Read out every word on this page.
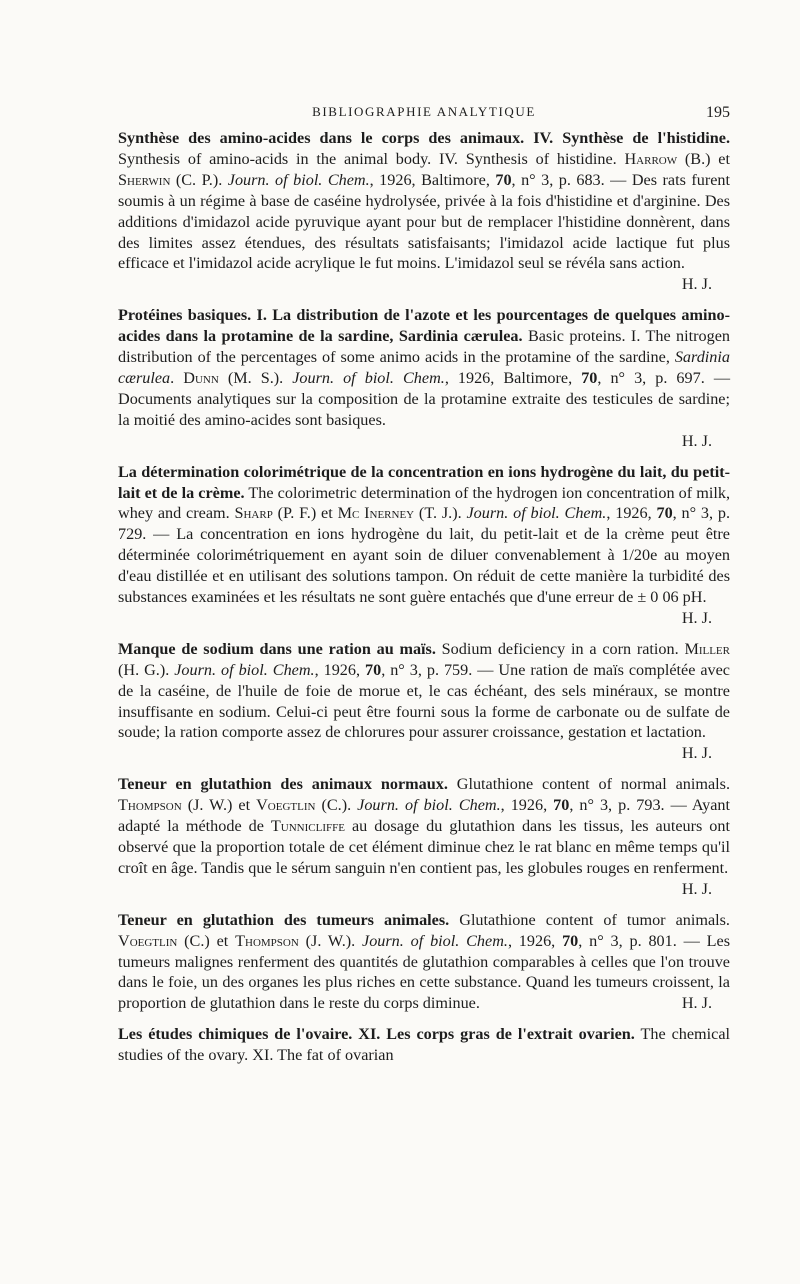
BIBLIOGRAPHIE ANALYTIQUE	195
Synthèse des amino-acides dans le corps des animaux. IV. Synthèse de l'histidine. Synthesis of amino-acids in the animal body. IV. Synthesis of histidine. Harrow (B.) et Sherwin (C. P.). Journ. of biol. Chem., 1926, Baltimore, 70, n° 3, p. 683. — Des rats furent soumis à un régime à base de caséine hydrolysée, privée à la fois d'histidine et d'arginine. Des additions d'imidazol acide pyruvique ayant pour but de remplacer l'histidine donnèrent, dans des limites assez étendues, des résultats satisfaisants; l'imidazol acide lactique fut plus efficace et l'imidazol acide acrylique le fut moins. L'imidazol seul se révéla sans action.
H. J.
Protéines basiques. I. La distribution de l'azote et les pourcentages de quelques amino-acides dans la protamine de la sardine, Sardinia cærulea. Basic proteins. I. The nitrogen distribution of the percentages of some animo acids in the protamine of the sardine, Sardinia cærulea. Dunn (M. S.). Journ. of biol. Chem., 1926, Baltimore, 70, n° 3, p. 697. — Documents analytiques sur la composition de la protamine extraite des testicules de sardine; la moitié des amino-acides sont basiques.
H. J.
La détermination colorimétrique de la concentration en ions hydrogène du lait, du petit-lait et de la crème. The colorimetric determination of the hydrogen ion concentration of milk, whey and cream. Sharp (P. F.) et Mc Inerney (T. J.). Journ. of biol. Chem., 1926, 70, n° 3, p. 729. — La concentration en ions hydrogène du lait, du petit-lait et de la crème peut être déterminée colorimétriquement en ayant soin de diluer convenablement à 1/20e au moyen d'eau distillée et en utilisant des solutions tampon. On réduit de cette manière la turbidité des substances examinées et les résultats ne sont guère entachés que d'une erreur de ± 0 06 pH.
H. J.
Manque de sodium dans une ration au maïs. Sodium deficiency in a corn ration. Miller (H. G.). Journ. of biol. Chem., 1926, 70, n° 3, p. 759. — Une ration de maïs complétée avec de la caséine, de l'huile de foie de morue et, le cas échéant, des sels minéraux, se montre insuffisante en sodium. Celui-ci peut être fourni sous la forme de carbonate ou de sulfate de soude; la ration comporte assez de chlorures pour assurer croissance, gestation et lactation.
H. J.
Teneur en glutathion des animaux normaux. Glutathione content of normal animals. Thompson (J. W.) et Voegtlin (C.). Journ. of biol. Chem., 1926, 70, n° 3, p. 793. — Ayant adapté la méthode de Tunnicliffe au dosage du glutathion dans les tissus, les auteurs ont observé que la proportion totale de cet élément diminue chez le rat blanc en même temps qu'il croît en âge. Tandis que le sérum sanguin n'en contient pas, les globules rouges en renferment.
H. J.
Teneur en glutathion des tumeurs animales. Glutathione content of tumor animals. Voegtlin (C.) et Thompson (J. W.). Journ. of biol. Chem., 1926, 70, n° 3, p. 801. — Les tumeurs malignes renferment des quantités de glutathion comparables à celles que l'on trouve dans le foie, un des organes les plus riches en cette substance. Quand les tumeurs croissent, la proportion de glutathion dans le reste du corps diminue.	H. J.
Les études chimiques de l'ovaire. XI. Les corps gras de l'extrait ovarien. The chemical studies of the ovary. XI. The fat of ovarian
